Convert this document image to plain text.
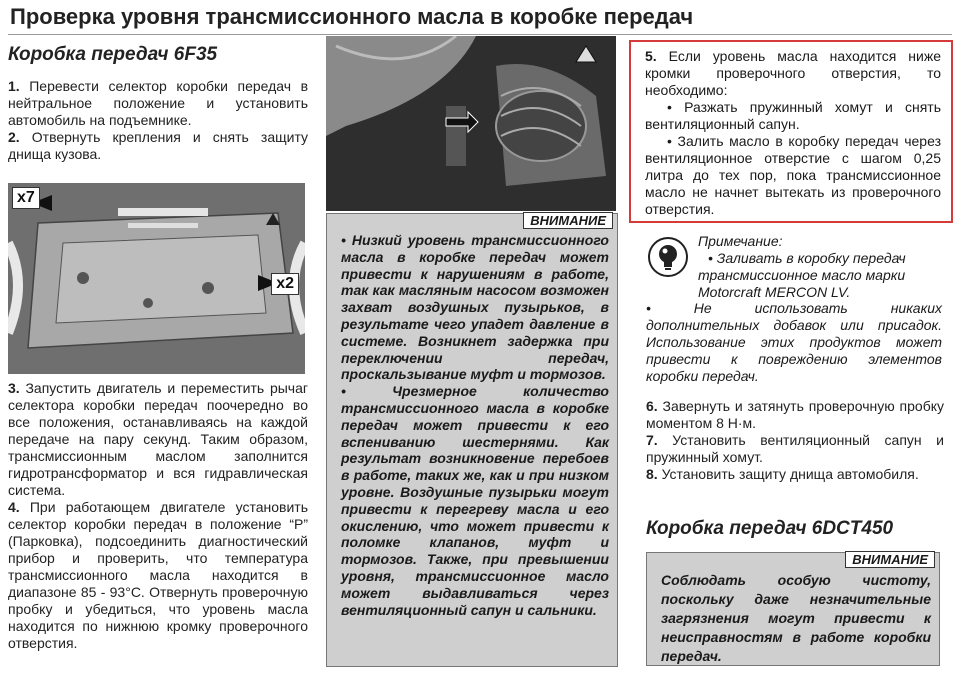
Проверка уровня трансмиссионного масла в коробке передач
Коробка передач 6F35

1. Перевести селектор коробки передач в нейтральное положение и установить автомобиль на подъемнике.

2. Отвернуть крепления и снять защиту днища кузова.

x7
x2

3. Запустить двигатель и переместить рычаг селектора коробки передач поочередно во все положения, останавливаясь на каждой передаче на пару секунд. Таким образом, трансмиссионным маслом заполнится гидротрансформатор и вся гидравлическая система.

4. При работающем двигателе установить селектор коробки передач в положение “P” (Парковка), подсоединить диагностический прибор и проверить, что температура трансмиссионного масла находится в диапазоне 85 - 93°С. Отвернуть проверочную пробку и убедиться, что уровень масла находится по нижнюю кромку проверочного отверстия.

ВНИМАНИЕ

• Низкий уровень трансмиссионного масла в коробке передач может привести к нарушениям в работе, так как масляным насосом возможен захват воздушных пузырьков, в результате чего упадет давление в системе. Возникнет задержка при переключении передач, проскальзывание муфт и тормозов.

• Чрезмерное количество трансмиссионного масла в коробке передач может привести к его вспениванию шестернями. Как результат возникновение перебоев в работе, таких же, как и при низком уровне. Воздушные пузырьки могут привести к перегреву масла и его окислению, что может привести к поломке клапанов, муфт и тормозов. Также, при превышении уровня, трансмиссионное масло может выдавливаться через вентиляционный сапун и сальники.

5. Если уровень масла находится ниже кромки проверочного отверстия, то необходимо:

• Разжать пружинный хомут и снять вентиляционный сапун.

• Залить масло в коробку передач через вентиляционное отверстие с шагом 0,25 литра до тех пор, пока трансмиссионное масло не начнет вытекать из проверочного отверстия.

Примечание:
• Заливать в коробку передач трансмиссионное масло марки Motorcraft MERCON LV.
• Не использовать никаких дополнительных добавок или присадок. Использование этих продуктов может привести к повреждению элементов коробки передач.

6. Завернуть и затянуть проверочную пробку моментом 8 Н·м.

7. Установить вентиляционный сапун и пружинный хомут.

8. Установить защиту днища автомобиля.

Коробка передач 6DCT450
ВНИМАНИЕ
Соблюдать особую чистоту, поскольку даже незначительные загрязнения могут привести к неисправностям в работе коробки передач.
